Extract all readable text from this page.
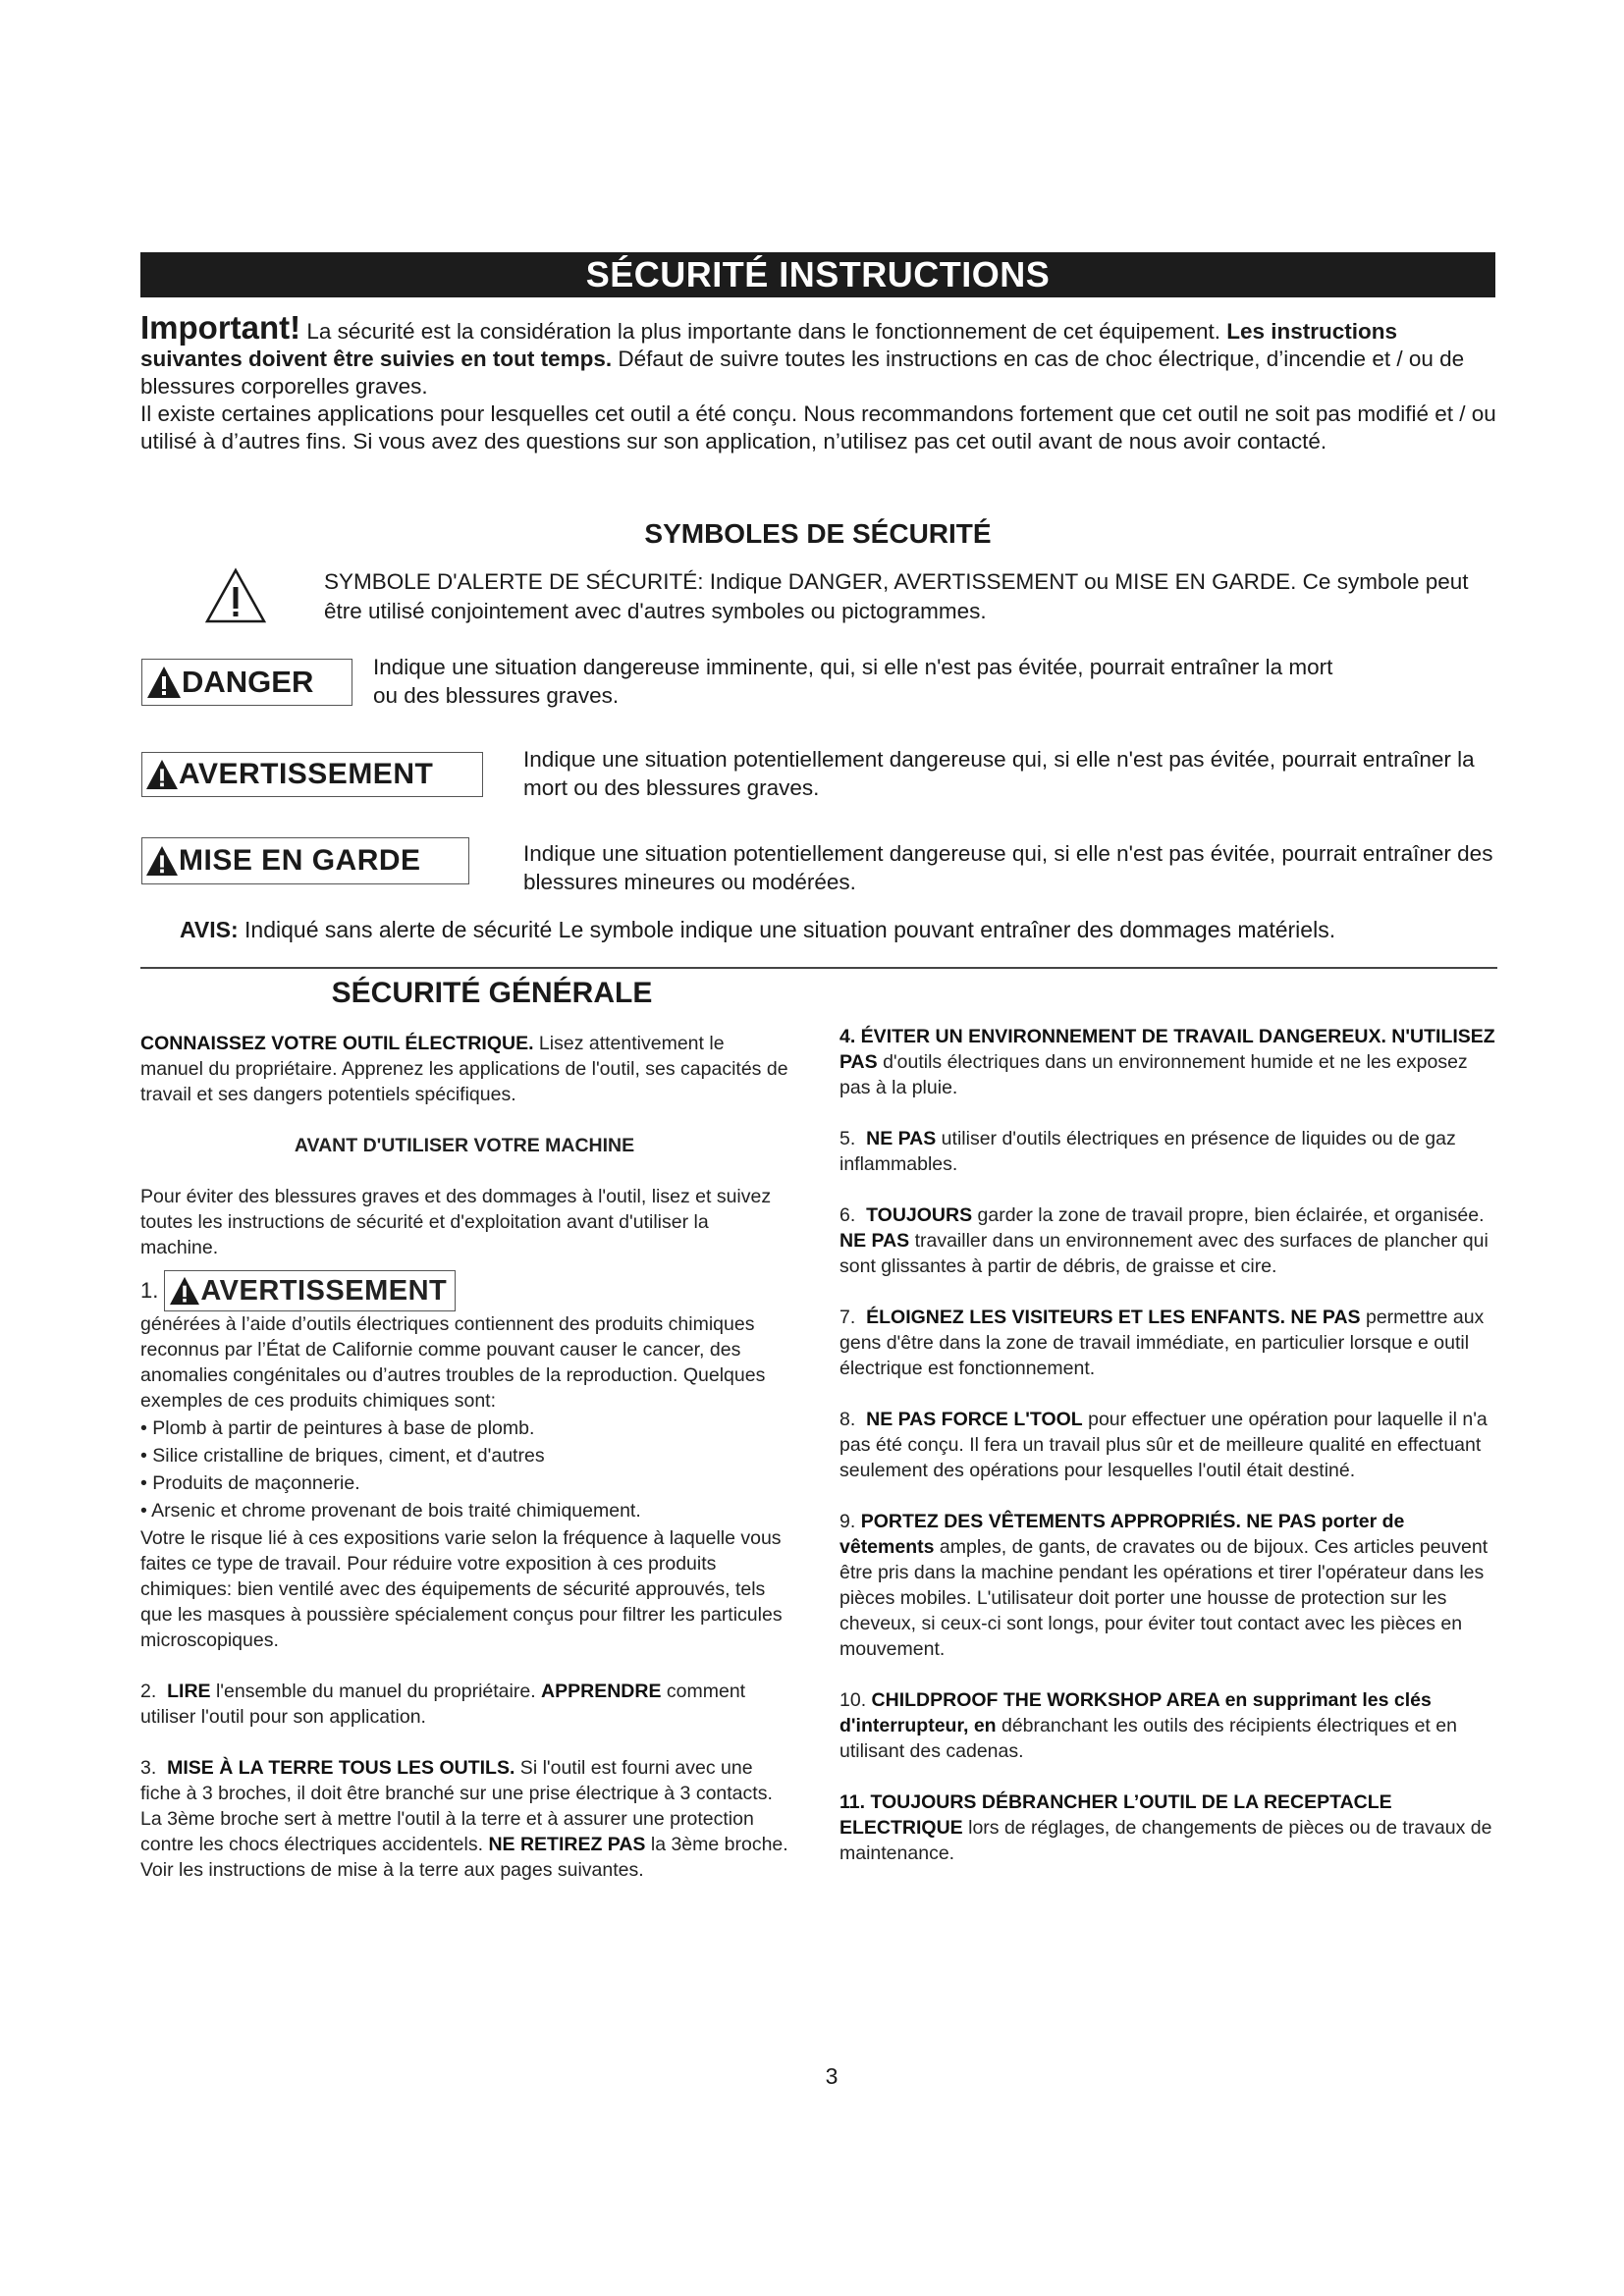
SÉCURITÉ INSTRUCTIONS

Important! La sécurité est la considération la plus importante dans le fonctionnement de cet équipement. Les instructions suivantes doivent être suivies en tout temps. Défaut de suivre toutes les instructions en cas de choc électrique, d’incendie et / ou de blessures corporelles graves.

Il existe certaines applications pour lesquelles cet outil a été conçu. Nous recommandons fortement que cet outil ne soit pas modifié et / ou utilisé à d’autres fins. Si vous avez des questions sur son application, n’utilisez pas cet outil avant de nous avoir contacté.

SYMBOLES DE SÉCURITÉ
SYMBOLE D'ALERTE DE SÉCURITÉ: Indique DANGER, AVERTISSEMENT ou MISE EN GARDE. Ce symbole peut être utilisé conjointement avec d'autres symboles ou pictogrammes.
DANGER	Indique une situation dangereuse imminente, qui, si elle n'est pas évitée, pourrait entraîner la mort ou des blessures graves.
AVERTISSEMENT	Indique une situation potentiellement dangereuse qui, si elle n'est pas évitée, pourrait entraîner la mort ou des blessures graves.
MISE EN GARDE	Indique une situation potentiellement dangereuse qui, si elle n'est pas évitée, pourrait entraîner des blessures mineures ou modérées.
AVIS: Indiqué sans alerte de sécurité Le symbole indique une situation pouvant entraîner des dommages matériels.
SÉCURITÉ GÉNÉRALE

CONNAISSEZ VOTRE OUTIL ÉLECTRIQUE. Lisez attentivement le manuel du propriétaire. Apprenez les applications de l'outil, ses capacités de travail et ses dangers potentiels spécifiques.

AVANT D'UTILISER VOTRE MACHINE

Pour éviter des blessures graves et des dommages à l'outil, lisez et suivez toutes les instructions de sécurité et d'exploitation avant d'utiliser la machine.

1. AVERTISSEMENT

générées à l’aide d’outils électriques contiennent des produits chimiques reconnus par l’État de Californie comme pouvant causer le cancer, des anomalies congénitales ou d’autres troubles de la reproduction. Quelques exemples de ces produits chimiques sont:

• Plomb à partir de peintures à base de plomb.

• Silice cristalline de briques, ciment, et d'autres

• Produits de maçonnerie.

• Arsenic et chrome provenant de bois traité chimiquement.

Votre le risque lié à ces expositions varie selon la fréquence à laquelle vous faites ce type de travail. Pour réduire votre exposition à ces produits chimiques: bien ventilé avec des équipements de sécurité approuvés, tels que les masques à poussière spécialement conçus pour filtrer les particules microscopiques.

2. LIRE l'ensemble du manuel du propriétaire. APPRENDRE comment utiliser l'outil pour son application.

3. MISE À LA TERRE TOUS LES OUTILS. Si l'outil est fourni avec une fiche à 3 broches, il doit être branché sur une prise électrique à 3 contacts. La 3ème broche sert à mettre l'outil à la terre et à assurer une protection contre les chocs électriques accidentels. NE RETIREZ PAS la 3ème broche. Voir les instructions de mise à la terre aux pages suivantes.

4. ÉVITER UN ENVIRONNEMENT DE TRAVAIL DANGEREUX. N'UTILISEZ PAS d'outils électriques dans un environnement humide et ne les exposez pas à la pluie.

5. NE PAS utiliser d'outils électriques en présence de liquides ou de gaz inflammables.

6. TOUJOURS garder la zone de travail propre, bien éclairée, et organisée. NE PAS travailler dans un environnement avec des surfaces de plancher qui sont glissantes à partir de débris, de graisse et cire.

7. ÉLOIGNEZ LES VISITEURS ET LES ENFANTS. NE PAS permettre aux gens d'être dans la zone de travail immédiate, en particulier lorsque e outil électrique est fonctionnement.

8. NE PAS FORCE L'TOOL pour effectuer une opération pour laquelle il n'a pas été conçu. Il fera un travail plus sûr et de meilleure qualité en effectuant seulement des opérations pour lesquelles l'outil était destiné.

9. PORTEZ DES VÊTEMENTS APPROPRIÉS. NE PAS porter de vêtements amples, de gants, de cravates ou de bijoux. Ces articles peuvent être pris dans la machine pendant les opérations et tirer l'opérateur dans les pièces mobiles. L'utilisateur doit porter une housse de protection sur les cheveux, si ceux-ci sont longs, pour éviter tout contact avec les pièces en mouvement.

10. CHILDPROOF THE WORKSHOP AREA en supprimant les clés d'interrupteur, en débranchant les outils des récipients électriques et en utilisant des cadenas.

11. TOUJOURS DÉBRANCHER L’OUTIL DE LA RECEPTACLE ELECTRIQUE lors de réglages, de changements de pièces ou de travaux de maintenance.

3
